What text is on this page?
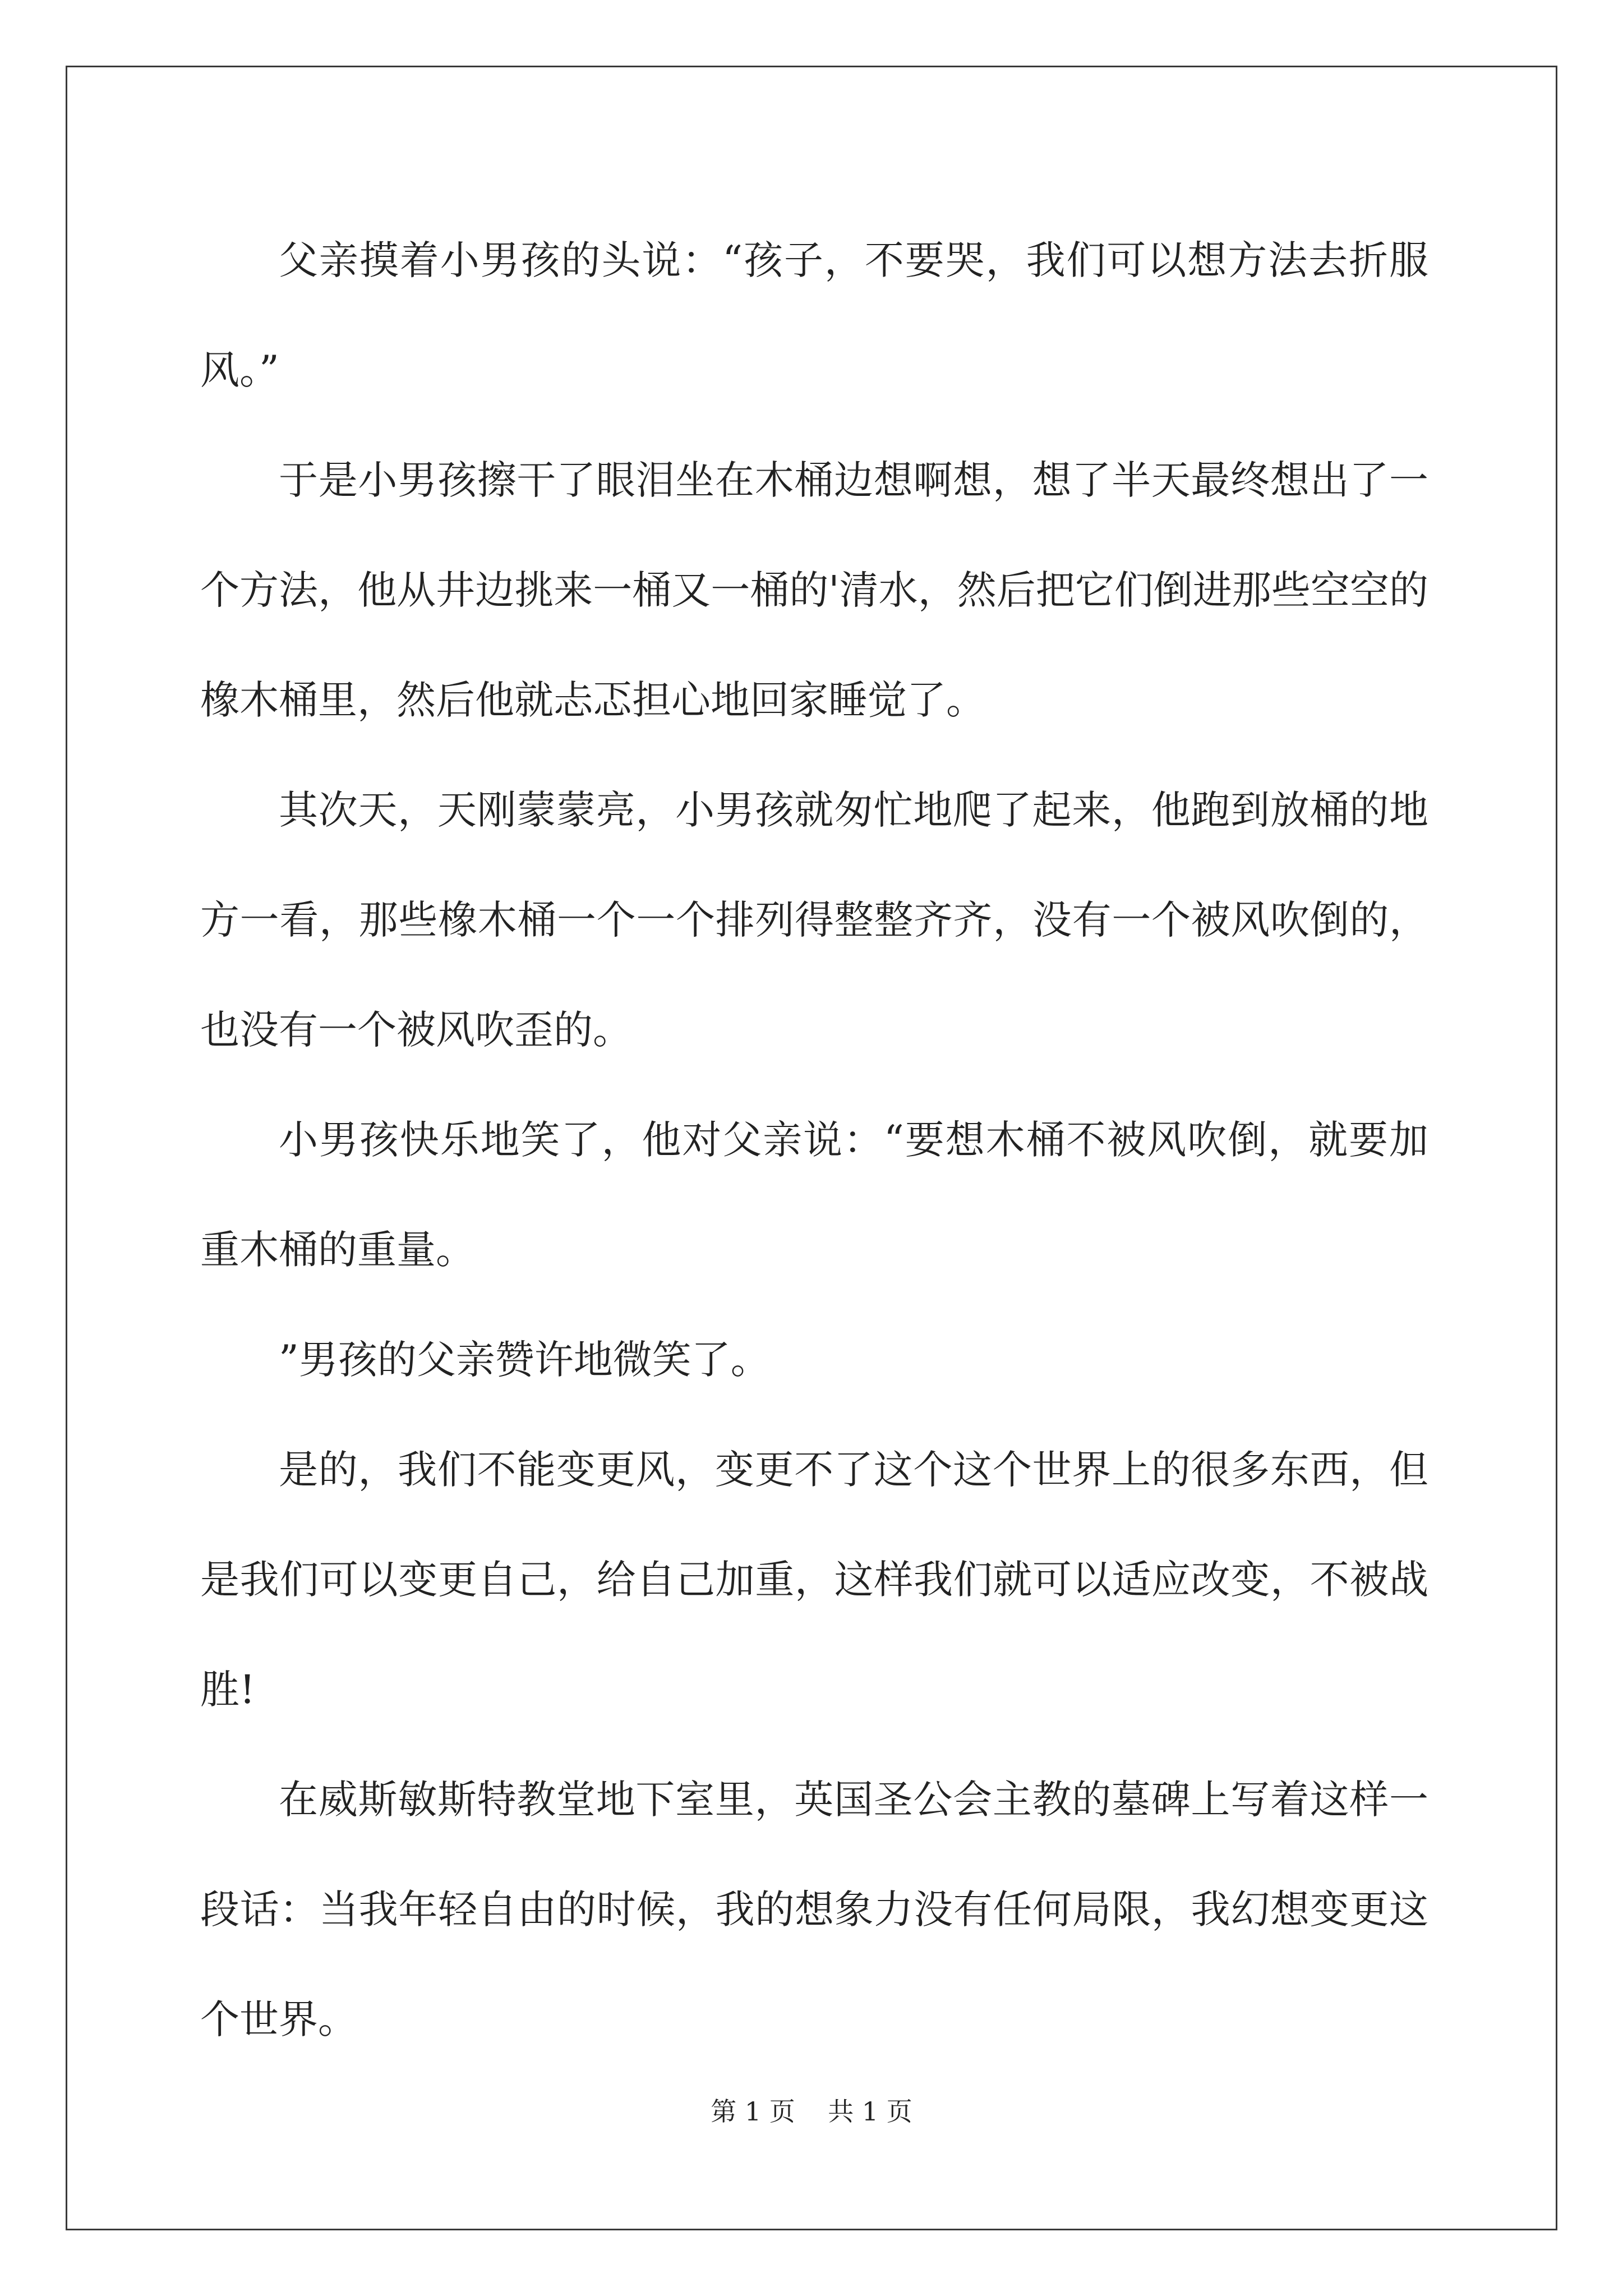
父亲摸着小男孩的头说：“孩子，不要哭，我们可以想方法去折服风。”

于是小男孩擦干了眼泪坐在木桶边想啊想，想了半天最终想出了一个方法，他从井边挑来一桶又一桶的'清水，然后把它们倒进那些空空的橡木桶里，然后他就忐忑担心地回家睡觉了。

其次天，天刚蒙蒙亮，小男孩就匆忙地爬了起来，他跑到放桶的地方一看，那些橡木桶一个一个排列得整整齐齐，没有一个被风吹倒的，也没有一个被风吹歪的。

小男孩快乐地笑了，他对父亲说：“要想木桶不被风吹倒，就要加重木桶的重量。

”男孩的父亲赞许地微笑了。

是的，我们不能变更风，变更不了这个这个世界上的很多东西，但是我们可以变更自己，给自己加重，这样我们就可以适应改变，不被战胜!

在威斯敏斯特教堂地下室里，英国圣公会主教的墓碑上写着这样一段话：当我年轻自由的时候，我的想象力没有任何局限，我幻想变更这个世界。

第 1 页    共 1 页
